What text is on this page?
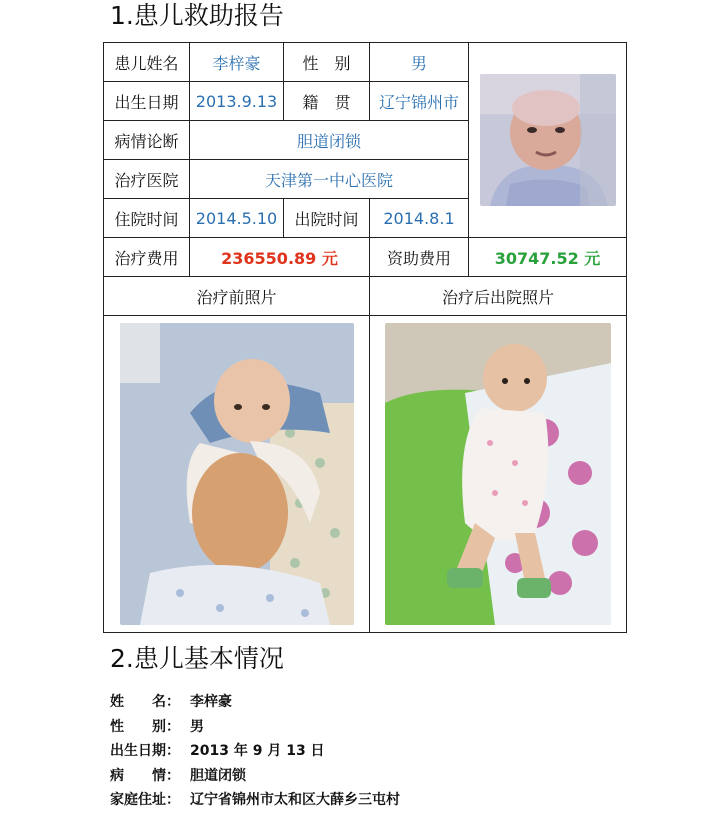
1.患儿救助报告
患儿姓名	李梓豪	性　别	男	

出生日期	2013.9.13	籍　贯	辽宁锦州市	
病情论断	胆道闭锁			
治疗医院	天津第一中心医院			
住院时间	2014.5.10	出院时间	2014.8.1	
治疗费用	236550.89 元		资助费用	30747.52 元
治疗前照片			治疗后出院照片	

2.患儿基本情况
姓　　名： 李梓豪
性　　别： 男
出生日期： 2013 年 9 月 13 日
病　　情： 胆道闭锁
家庭住址： 辽宁省锦州市太和区大薛乡三屯村
